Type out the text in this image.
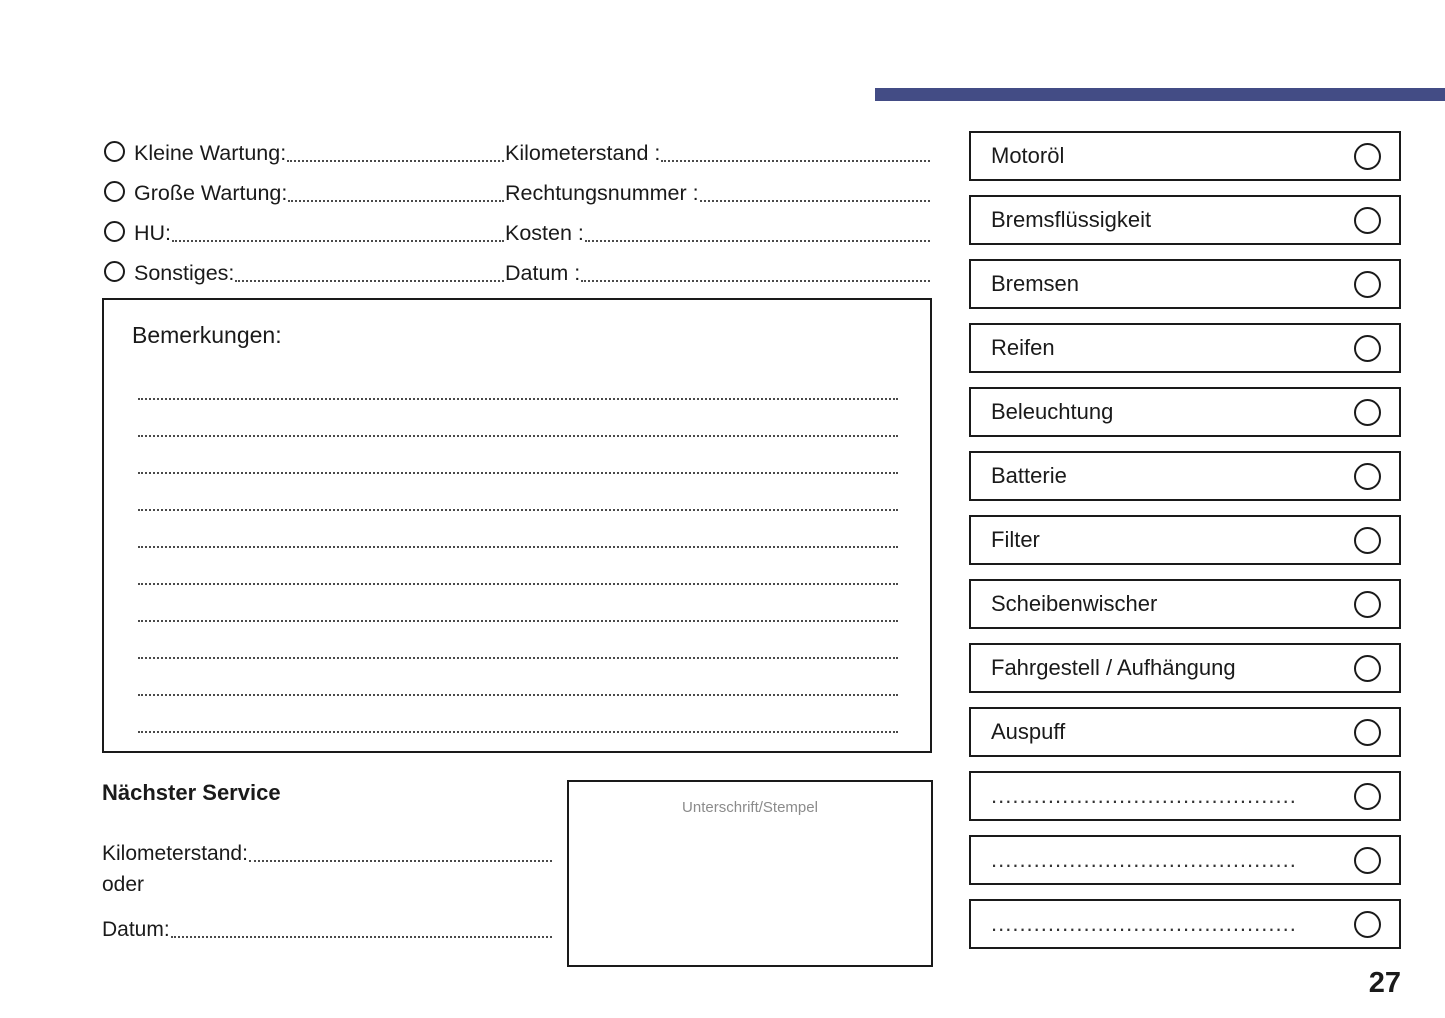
Kleine Wartung:
Große Wartung:
HU:
Sonstiges:
Kilometerstand :
Rechtungsnummer :
Kosten :
Datum :
Bemerkungen:
Nächster Service
Kilometerstand:
oder
Datum:
Unterschrift/Stempel
Motoröl
Bremsflüssigkeit
Bremsen
Reifen
Beleuchtung
Batterie
Filter
Scheibenwischer
Fahrgestell / Aufhängung
Auspuff
...........................................
...........................................
...........................................
27
